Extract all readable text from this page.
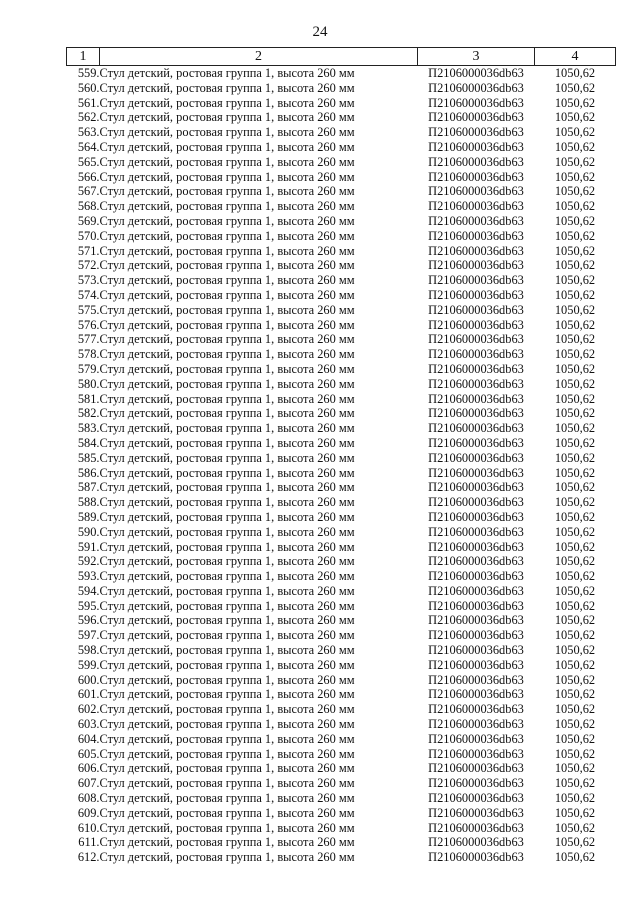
24
1	2	3	4
559.	Стул детский, ростовая группа 1, высота 260 мм	П2106000036db63	1050,62
560.	Стул детский, ростовая группа 1, высота 260 мм	П2106000036db63	1050,62
561.	Стул детский, ростовая группа 1, высота 260 мм	П2106000036db63	1050,62
562.	Стул детский, ростовая группа 1, высота 260 мм	П2106000036db63	1050,62
563.	Стул детский, ростовая группа 1, высота 260 мм	П2106000036db63	1050,62
564.	Стул детский, ростовая группа 1, высота 260 мм	П2106000036db63	1050,62
565.	Стул детский, ростовая группа 1, высота 260 мм	П2106000036db63	1050,62
566.	Стул детский, ростовая группа 1, высота 260 мм	П2106000036db63	1050,62
567.	Стул детский, ростовая группа 1, высота 260 мм	П2106000036db63	1050,62
568.	Стул детский, ростовая группа 1, высота 260 мм	П2106000036db63	1050,62
569.	Стул детский, ростовая группа 1, высота 260 мм	П2106000036db63	1050,62
570.	Стул детский, ростовая группа 1, высота 260 мм	П2106000036db63	1050,62
571.	Стул детский, ростовая группа 1, высота 260 мм	П2106000036db63	1050,62
572.	Стул детский, ростовая группа 1, высота 260 мм	П2106000036db63	1050,62
573.	Стул детский, ростовая группа 1, высота 260 мм	П2106000036db63	1050,62
574.	Стул детский, ростовая группа 1, высота 260 мм	П2106000036db63	1050,62
575.	Стул детский, ростовая группа 1, высота 260 мм	П2106000036db63	1050,62
576.	Стул детский, ростовая группа 1, высота 260 мм	П2106000036db63	1050,62
577.	Стул детский, ростовая группа 1, высота 260 мм	П2106000036db63	1050,62
578.	Стул детский, ростовая группа 1, высота 260 мм	П2106000036db63	1050,62
579.	Стул детский, ростовая группа 1, высота 260 мм	П2106000036db63	1050,62
580.	Стул детский, ростовая группа 1, высота 260 мм	П2106000036db63	1050,62
581.	Стул детский, ростовая группа 1, высота 260 мм	П2106000036db63	1050,62
582.	Стул детский, ростовая группа 1, высота 260 мм	П2106000036db63	1050,62
583.	Стул детский, ростовая группа 1, высота 260 мм	П2106000036db63	1050,62
584.	Стул детский, ростовая группа 1, высота 260 мм	П2106000036db63	1050,62
585.	Стул детский, ростовая группа 1, высота 260 мм	П2106000036db63	1050,62
586.	Стул детский, ростовая группа 1, высота 260 мм	П2106000036db63	1050,62
587.	Стул детский, ростовая группа 1, высота 260 мм	П2106000036db63	1050,62
588.	Стул детский, ростовая группа 1, высота 260 мм	П2106000036db63	1050,62
589.	Стул детский, ростовая группа 1, высота 260 мм	П2106000036db63	1050,62
590.	Стул детский, ростовая группа 1, высота 260 мм	П2106000036db63	1050,62
591.	Стул детский, ростовая группа 1, высота 260 мм	П2106000036db63	1050,62
592.	Стул детский, ростовая группа 1, высота 260 мм	П2106000036db63	1050,62
593.	Стул детский, ростовая группа 1, высота 260 мм	П2106000036db63	1050,62
594.	Стул детский, ростовая группа 1, высота 260 мм	П2106000036db63	1050,62
595.	Стул детский, ростовая группа 1, высота 260 мм	П2106000036db63	1050,62
596.	Стул детский, ростовая группа 1, высота 260 мм	П2106000036db63	1050,62
597.	Стул детский, ростовая группа 1, высота 260 мм	П2106000036db63	1050,62
598.	Стул детский, ростовая группа 1, высота 260 мм	П2106000036db63	1050,62
599.	Стул детский, ростовая группа 1, высота 260 мм	П2106000036db63	1050,62
600.	Стул детский, ростовая группа 1, высота 260 мм	П2106000036db63	1050,62
601.	Стул детский, ростовая группа 1, высота 260 мм	П2106000036db63	1050,62
602.	Стул детский, ростовая группа 1, высота 260 мм	П2106000036db63	1050,62
603.	Стул детский, ростовая группа 1, высота 260 мм	П2106000036db63	1050,62
604.	Стул детский, ростовая группа 1, высота 260 мм	П2106000036db63	1050,62
605.	Стул детский, ростовая группа 1, высота 260 мм	П2106000036db63	1050,62
606.	Стул детский, ростовая группа 1, высота 260 мм	П2106000036db63	1050,62
607.	Стул детский, ростовая группа 1, высота 260 мм	П2106000036db63	1050,62
608.	Стул детский, ростовая группа 1, высота 260 мм	П2106000036db63	1050,62
609.	Стул детский, ростовая группа 1, высота 260 мм	П2106000036db63	1050,62
610.	Стул детский, ростовая группа 1, высота 260 мм	П2106000036db63	1050,62
611.	Стул детский, ростовая группа 1, высота 260 мм	П2106000036db63	1050,62
612.	Стул детский, ростовая группа 1, высота 260 мм	П2106000036db63	1050,62
